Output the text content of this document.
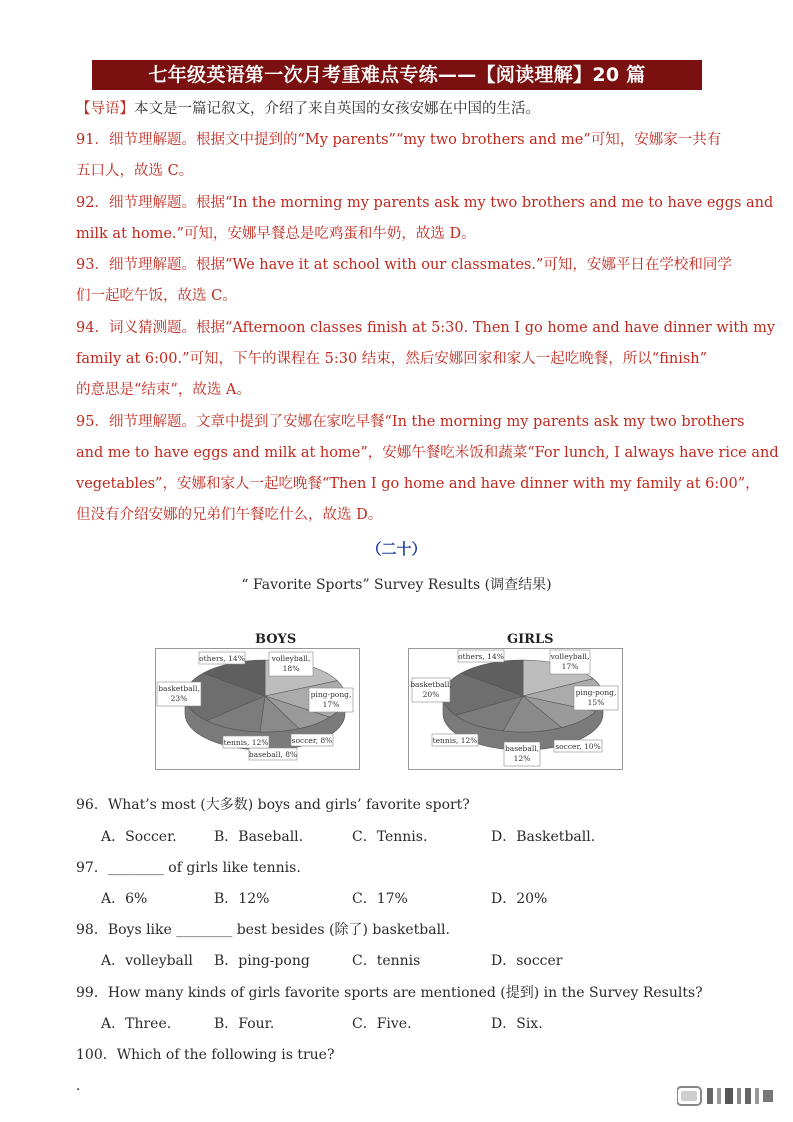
七年级英语第一次月考重难点专练——【阅读理解】20 篇
【导语】本文是一篇记叙文，介绍了来自英国的女孩安娜在中国的生活。
91．细节理解题。根据文中提到的“My parents”“my two brothers and me”可知，安娜家一共有
五口人，故选 C。
92．细节理解题。根据“In the morning my parents ask my two brothers and me to have eggs and
milk at home.”可知，安娜早餐总是吃鸡蛋和牛奶，故选 D。
93．细节理解题。根据“We have it at school with our classmates.”可知，安娜平日在学校和同学
们一起吃午饭，故选 C。
94．词义猜测题。根据“Afternoon classes finish at 5:30. Then I go home and have dinner with my
family at 6:00.”可知，下午的课程在 5:30 结束，然后安娜回家和家人一起吃晚餐，所以“finish”
的意思是“结束”，故选 A。
95．细节理解题。文章中提到了安娜在家吃早餐“In the morning my parents ask my two brothers
and me to have eggs and milk at home”，安娜午餐吃米饭和蔬菜“For lunch, I always have rice and
vegetables”，安娜和家人一起吃晚餐“Then I go home and have dinner with my family at 6:00”，
但没有介绍安娜的兄弟们午餐吃什么，故选 D。
（二十）
“ Favorite Sports” Survey Results (调查结果)
BOYS	GIRLS
volleyball, 18%
ping-pong, 17%
soccer, 8%
baseball, 8%
tennis, 12%
basketball, 23%
others, 14%	volleyball, 17%
ping-pong, 15%
soccer, 10%
baseball, 12%
tennis, 12%
basketball, 20%
others, 14%
96．What’s most (大多数) boys and girls’ favorite sport?
A．Soccer.	B．Baseball.	C．Tennis.	D．Basketball.
97．________ of girls like tennis.
A．6%	B．12%	C．17%	D．20%
98．Boys like ________ best besides (除了) basketball.
A．volleyball B．ping-pong	C．tennis	D．soccer
99．How many kinds of girls favorite sports are mentioned (提到) in the Survey Results?
A．Three.	B．Four.	C．Five.	D．Six.
100．Which of the following is true?
．
